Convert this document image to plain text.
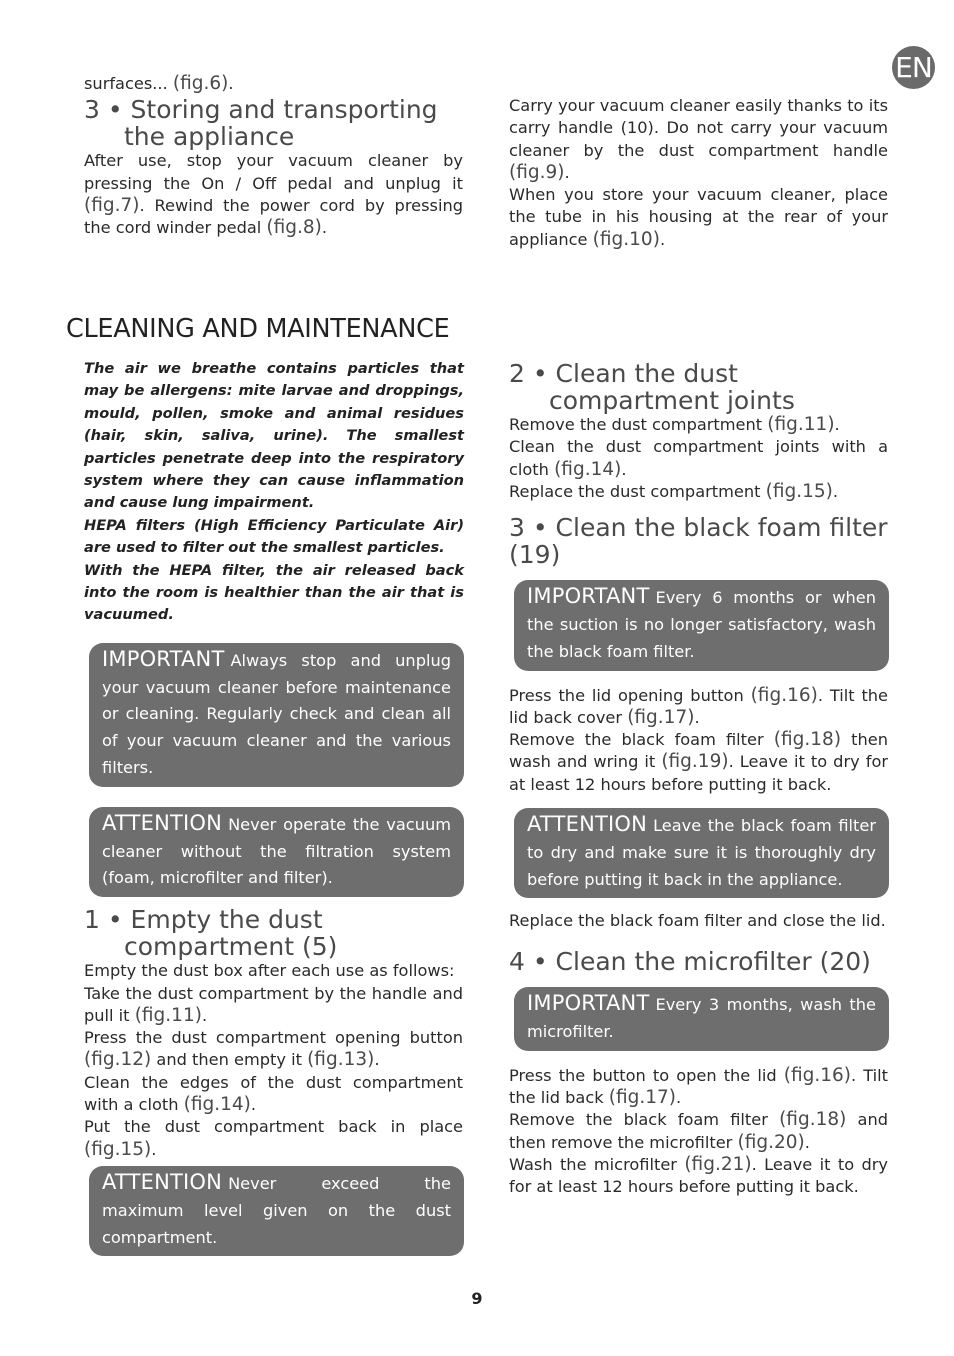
EN

surfaces... (fig.6).

3 • Storing and transporting the appliance

After use, stop your vacuum cleaner by pressing the On / Off pedal and unplug it (fig.7). Rewind the power cord by pressing the cord winder pedal (fig.8).

Carry your vacuum cleaner easily thanks to its carry handle (10). Do not carry your vacuum cleaner by the dust compartment handle (fig.9).

When you store your vacuum cleaner, place the tube in his housing at the rear of your appliance (fig.10).

CLEANING AND MAINTENANCE

The air we breathe contains particles that may be allergens: mite larvae and droppings, mould, pollen, smoke and animal residues (hair, skin, saliva, urine). The smallest particles penetrate deep into the respiratory system where they can cause inflammation and cause lung impairment.

HEPA filters (High Efficiency Particulate Air) are used to filter out the smallest particles.

With the HEPA filter, the air released back into the room is healthier than the air that is vacuumed.

IMPORTANT Always stop and unplug your vacuum cleaner before maintenance or cleaning. Regularly check and clean all of your vacuum cleaner and the various filters.
ATTENTION Never operate the vacuum cleaner without the filtration system (foam, microfilter and filter).
1 • Empty the dust compartment (5)

Empty the dust box after each use as follows:

Take the dust compartment by the handle and pull it (fig.11).

Press the dust compartment opening button (fig.12) and then empty it (fig.13).

Clean the edges of the dust compartment with a cloth (fig.14).

Put the dust compartment back in place (fig.15).

ATTENTION Never exceed the maximum level given on the dust compartment.
2 • Clean the dust compartment joints

Remove the dust compartment (fig.11).

Clean the dust compartment joints with a cloth (fig.14).

Replace the dust compartment (fig.15).

3 • Clean the black foam filter (19)
IMPORTANT Every 6 months or when the suction is no longer satisfactory, wash the black foam filter.

Press the lid opening button (fig.16). Tilt the lid back cover (fig.17).

Remove the black foam filter (fig.18) then wash and wring it (fig.19). Leave it to dry for at least 12 hours before putting it back.

ATTENTION Leave the black foam filter to dry and make sure it is thoroughly dry before putting it back in the appliance.

Replace the black foam filter and close the lid.

4 • Clean the microfilter (20)
IMPORTANT Every 3 months, wash the microfilter.

Press the button to open the lid (fig.16). Tilt the lid back (fig.17).

Remove the black foam filter (fig.18) and then remove the microfilter (fig.20).

Wash the microfilter (fig.21). Leave it to dry for at least 12 hours before putting it back.

9
